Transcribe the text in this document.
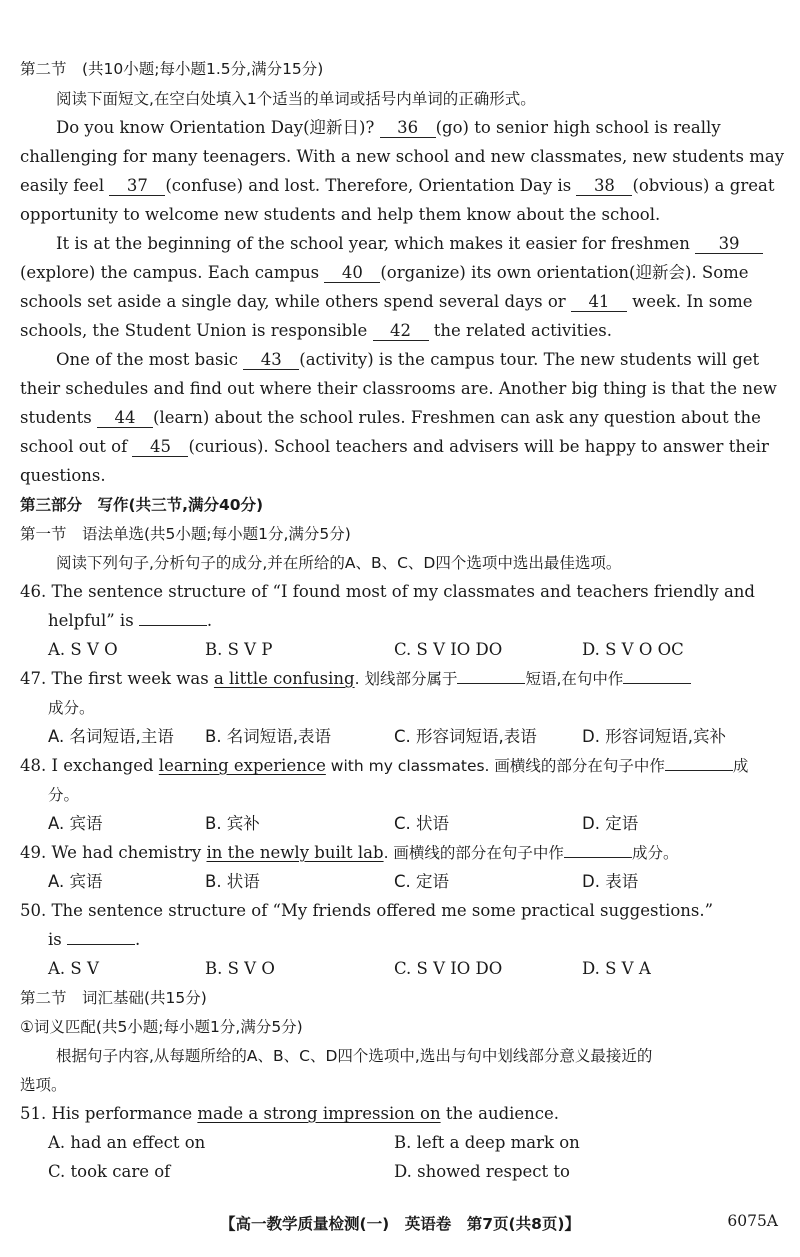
第二节　(共10小题;每小题1.5分,满分15分)
阅读下面短文,在空白处填入1个适当的单词或括号内单词的正确形式。
Do you know Orientation Day(迎新日)? 36 (go) to senior high school is really
challenging for many teenagers. With a new school and new classmates, new students may
easily feel 37 (confuse) and lost. Therefore, Orientation Day is 38 (obvious) a great
opportunity to welcome new students and help them know about the school.
It is at the beginning of the school year, which makes it easier for freshmen 39
(explore) the campus. Each campus 40 (organize) its own orientation(迎新会). Some
schools set aside a single day, while others spend several days or 41 week. In some
schools, the Student Union is responsible 42 the related activities.
One of the most basic 43 (activity) is the campus tour. The new students will get
their schedules and find out where their classrooms are. Another big thing is that the new
students 44 (learn) about the school rules. Freshmen can ask any question about the
school out of 45 (curious). School teachers and advisers will be happy to answer their
questions.
第三部分　写作(共三节,满分40分)
第一节　语法单选(共5小题;每小题1分,满分5分)
阅读下列句子,分析句子的成分,并在所给的A、B、C、D四个选项中选出最佳选项。
46. The sentence structure of “I found most of my classmates and teachers friendly and
helpful” is	.
A. S V O	B. S V P	C. S V IO DO	D. S V O OC
47. The first week was a little confusing. 划线部分属于	短语,在句中作
成分。
A. 名词短语,主语 B. 名词短语,表语	C. 形容词短语,表语	D. 形容词短语,宾补
48. I exchanged learning experience with my classmates. 画横线的部分在句子中作	成
分。
A. 宾语	B. 宾补	C. 状语	D. 定语
49. We had chemistry in the newly built lab. 画横线的部分在句子中作	成分。
A. 宾语	B. 状语	C. 定语	D. 表语
50. The sentence structure of “My friends offered me some practical suggestions.”
is	.
A. S V	B. S V O	C. S V IO DO	D. S V A
第二节　词汇基础(共15分)
①词义匹配(共5小题;每小题1分,满分5分)
根据句子内容,从每题所给的A、B、C、D四个选项中,选出与句中划线部分意义最接近的
选项。
51. His performance made a strong impression on the audience.
A. had an effect on	B. left a deep mark on
C. took care of	D. showed respect to
【高一教学质量检测(一)　英语卷　第7页(共8页)】	6075A
